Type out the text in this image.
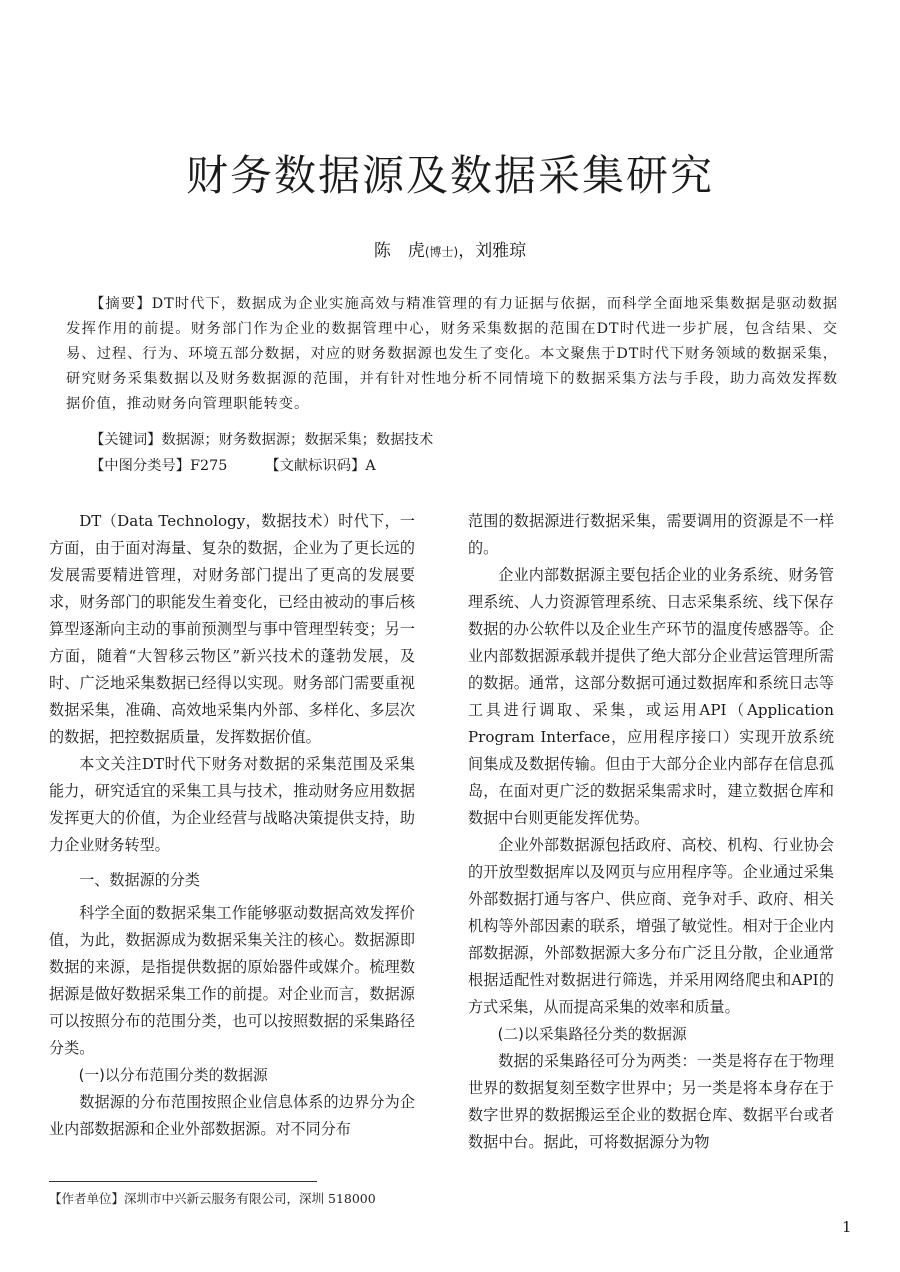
财务数据源及数据采集研究
陈　虎(博士)，刘雅琼

【摘要】DT时代下，数据成为企业实施高效与精准管理的有力证据与依据，而科学全面地采集数据是驱动数据发挥作用的前提。财务部门作为企业的数据管理中心，财务采集数据的范围在DT时代进一步扩展，包含结果、交易、过程、行为、环境五部分数据，对应的财务数据源也发生了变化。本文聚焦于DT时代下财务领域的数据采集，研究财务采集数据以及财务数据源的范围，并有针对性地分析不同情境下的数据采集方法与手段，助力高效发挥数据价值，推动财务向管理职能转变。

【关键词】数据源；财务数据源；数据采集；数据技术
【中图分类号】F275	【文献标识码】A

DT（Data Technology，数据技术）时代下，一方面，由于面对海量、复杂的数据，企业为了更长远的发展需要精进管理，对财务部门提出了更高的发展要求，财务部门的职能发生着变化，已经由被动的事后核算型逐渐向主动的事前预测型与事中管理型转变；另一方面，随着“大智移云物区”新兴技术的蓬勃发展，及时、广泛地采集数据已经得以实现。财务部门需要重视数据采集，准确、高效地采集内外部、多样化、多层次的数据，把控数据质量，发挥数据价值。

本文关注DT时代下财务对数据的采集范围及采集能力，研究适宜的采集工具与技术，推动财务应用数据发挥更大的价值，为企业经营与战略决策提供支持，助力企业财务转型。

一、数据源的分类

科学全面的数据采集工作能够驱动数据高效发挥价值，为此，数据源成为数据采集关注的核心。数据源即数据的来源，是指提供数据的原始器件或媒介。梳理数据源是做好数据采集工作的前提。对企业而言，数据源可以按照分布的范围分类，也可以按照数据的采集路径分类。

(一)以分布范围分类的数据源

数据源的分布范围按照企业信息体系的边界分为企业内部数据源和企业外部数据源。对不同分布

范围的数据源进行数据采集，需要调用的资源是不一样的。

企业内部数据源主要包括企业的业务系统、财务管理系统、人力资源管理系统、日志采集系统、线下保存数据的办公软件以及企业生产环节的温度传感器等。企业内部数据源承载并提供了绝大部分企业营运管理所需的数据。通常，这部分数据可通过数据库和系统日志等工具进行调取、采集，或运用API（Application Program Interface，应用程序接口）实现开放系统间集成及数据传输。但由于大部分企业内部存在信息孤岛，在面对更广泛的数据采集需求时，建立数据仓库和数据中台则更能发挥优势。

企业外部数据源包括政府、高校、机构、行业协会的开放型数据库以及网页与应用程序等。企业通过采集外部数据打通与客户、供应商、竞争对手、政府、相关机构等外部因素的联系，增强了敏觉性。相对于企业内部数据源，外部数据源大多分布广泛且分散，企业通常根据适配性对数据进行筛选，并采用网络爬虫和API的方式采集，从而提高采集的效率和质量。

(二)以采集路径分类的数据源

数据的采集路径可分为两类：一类是将存在于物理世界的数据复刻至数字世界中；另一类是将本身存在于数字世界的数据搬运至企业的数据仓库、数据平台或者数据中台。据此，可将数据源分为物

【作者单位】深圳市中兴新云服务有限公司，深圳 518000
1
